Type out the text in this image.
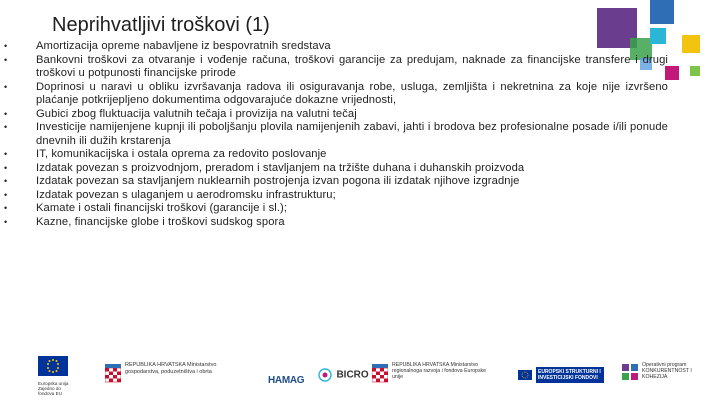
Neprihvatljivi troškovi (1)
•	Amortizacija opreme nabavljene iz bespovratnih sredstava
•	Bankovni troškovi za otvaranje i vođenje računa, troškovi garancije za predujam, naknade za financijske transfere i drugi troškovi u potpunosti financijske prirode
•	Doprinosi u naravi u obliku izvršavanja radova ili osiguravanja robe, usluga, zemljišta i nekretnina za koje nije izvršeno plaćanje potkrijepljeno dokumentima odgovarajuće dokazne vrijednosti,
•	Gubici zbog fluktuacija valutnih tečaja i provizija na valutni tečaj
•	Investicije namijenjene kupnji ili poboljšanju plovila namijenjenih zabavi, jahti i brodova bez profesionalne posade i/ili ponude dnevnih ili dužih krstarenja
•	IT, komunikacijska i ostala oprema za redovito poslovanje
•	Izdatak povezan s proizvodnjom, preradom i stavljanjem na tržište duhana i duhanskih proizvoda
•	Izdatak povezan sa stavljanjem nuklearnih postrojenja izvan pogona ili izdatak njihove izgradnje
•	Izdatak povezan s ulaganjem u aerodromsku infrastrukturu;
•	Kamate i ostali financijski troškovi (garancije i sl.);
•	Kazne, financijske globe i troškovi sudskog spora
Europska unija Zajedno do fondova EU
REPUBLIKA HRVATSKA Ministarstvo gospodarstva, poduzetništva i obrta
HAMAG
BICRO
REPUBLIKA HRVATSKA Ministarstvo regionalnoga razvoja i fondova Europske unije
EUROPSKI STRUKTURNI I INVESTICIJSKI FONDOVI
Operativni program KONKURENTNOST I KOHEZIJA
